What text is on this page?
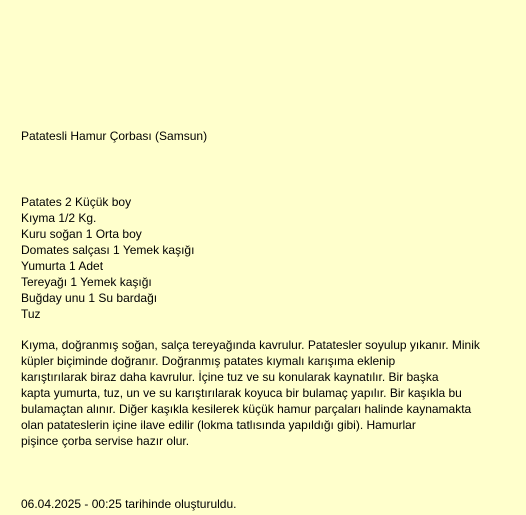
Patatesli Hamur Çorbası (Samsun)
Patates 2 Küçük boy
Kıyma 1/2 Kg.
Kuru soğan 1 Orta boy
Domates salçası 1 Yemek kaşığı
Yumurta 1 Adet
Tereyağı 1 Yemek kaşığı
Buğday unu 1 Su bardağı
Tuz

Kıyma, doğranmış soğan, salça tereyağında kavrulur. Patatesler soyulup yıkanır. Minik
küpler biçiminde doğranır. Doğranmış patates kıymalı karışıma eklenip
karıştırılarak biraz daha kavrulur. İçine tuz ve su konularak kaynatılır. Bir başka
kapta yumurta, tuz, un ve su karıştırılarak koyuca bir bulamaç yapılır. Bir kaşıkla bu
bulamaçtan alınır. Diğer kaşıkla kesilerek küçük hamur parçaları halinde kaynamakta
olan patateslerin içine ilave edilir (lokma tatlısında yapıldığı gibi). Hamurlar
pişince çorba servise hazır olur.

06.04.2025 - 00:25 tarihinde oluşturuldu.
